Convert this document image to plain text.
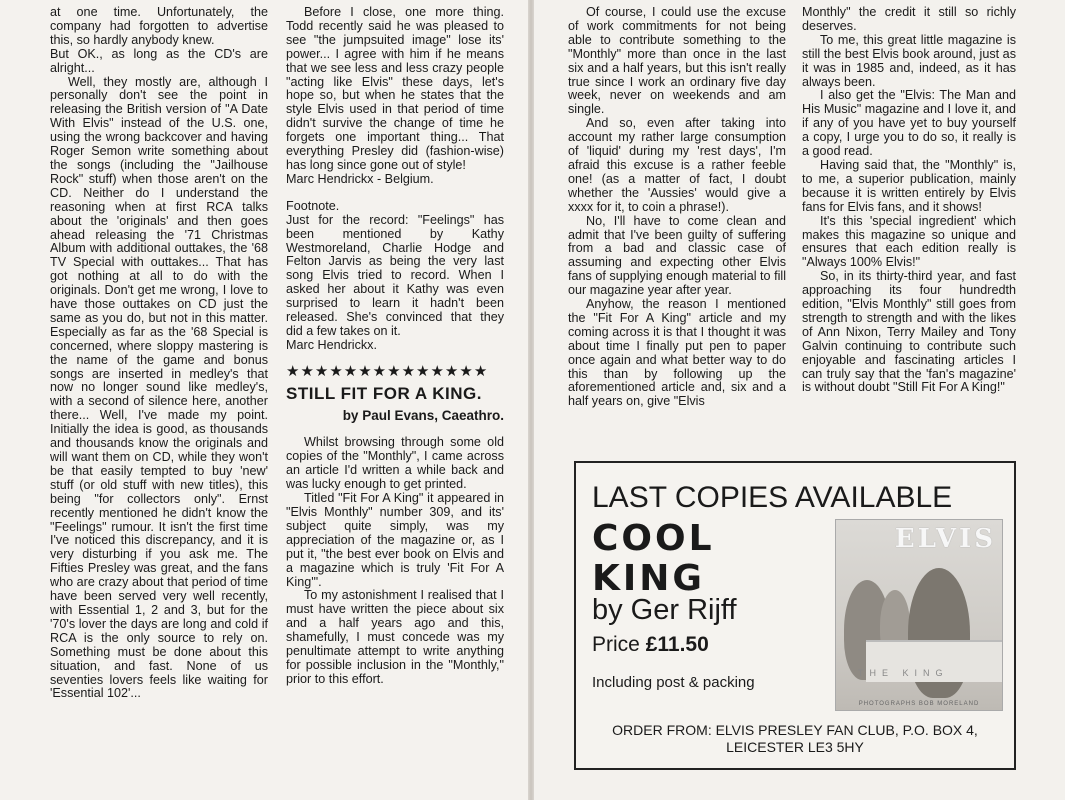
at one time. Unfortunately, the company had forgotten to advertise this, so hardly anybody knew.

But OK., as long as the CD's are alright...

Well, they mostly are, although I personally don't see the point in releasing the British version of "A Date With Elvis" instead of the U.S. one, using the wrong backcover and having Roger Semon write something about the songs (including the "Jailhouse Rock" stuff) when those aren't on the CD. Neither do I understand the reasoning when at first RCA talks about the 'originals' and then goes ahead releasing the '71 Christmas Album with additional outtakes, the '68 TV Special with outtakes... That has got nothing at all to do with the originals. Don't get me wrong, I love to have those outtakes on CD just the same as you do, but not in this matter. Especially as far as the '68 Special is concerned, where sloppy mastering is the name of the game and bonus songs are inserted in medley's that now no longer sound like medley's, with a second of silence here, another there... Well, I've made my point. Initially the idea is good, as thousands and thousands know the originals and will want them on CD, while they won't be that easily tempted to buy 'new' stuff (or old stuff with new titles), this being "for collectors only". Ernst recently mentioned he didn't know the "Feelings" rumour. It isn't the first time I've noticed this discrepancy, and it is very disturbing if you ask me. The Fifties Presley was great, and the fans who are crazy about that period of time have been served very well recently, with Essential 1, 2 and 3, but for the '70's lover the days are long and cold if RCA is the only source to rely on. Something must be done about this situation, and fast. None of us seventies lovers feels like waiting for 'Essential 102'...

Before I close, one more thing. Todd recently said he was pleased to see "the jumpsuited image" lose its' power... I agree with him if he means that we see less and less crazy people "acting like Elvis" these days, let's hope so, but when he states that the style Elvis used in that period of time didn't survive the change of time he forgets one important thing... That everything Presley did (fashion-wise) has long since gone out of style!

Marc Hendrickx - Belgium.

Footnote.

Just for the record: "Feelings" has been mentioned by Kathy Westmoreland, Charlie Hodge and Felton Jarvis as being the very last song Elvis tried to record. When I asked her about it Kathy was even surprised to learn it hadn't been released. She's convinced that they did a few takes on it.

Marc Hendrickx.

★★★★★★★★★★★★★★
STILL FIT FOR A KING.
by Paul Evans, Caeathro.

Whilst browsing through some old copies of the "Monthly", I came across an article I'd written a while back and was lucky enough to get printed.

Titled "Fit For A King" it appeared in "Elvis Monthly" number 309, and its' subject quite simply, was my appreciation of the magazine or, as I put it, "the best ever book on Elvis and a magazine which is truly 'Fit For A King'".

To my astonishment I realised that I must have written the piece about six and a half years ago and this, shamefully, I must concede was my penultimate attempt to write anything for possible inclusion in the "Monthly," prior to this effort.

Of course, I could use the excuse of work commitments for not being able to contribute something to the "Monthly" more than once in the last six and a half years, but this isn't really true since I work an ordinary five day week, never on weekends and am single.

And so, even after taking into account my rather large consumption of 'liquid' during my 'rest days', I'm afraid this excuse is a rather feeble one! (as a matter of fact, I doubt whether the 'Aussies' would give a xxxx for it, to coin a phrase!).

No, I'll have to come clean and admit that I've been guilty of suffering from a bad and classic case of assuming and expecting other Elvis fans of supplying enough material to fill our magazine year after year.

Anyhow, the reason I mentioned the "Fit For A King" article and my coming across it is that I thought it was about time I finally put pen to paper once again and what better way to do this than by following up the aforementioned article and, six and a half years on, give "Elvis

Monthly" the credit it still so richly deserves.

To me, this great little magazine is still the best Elvis book around, just as it was in 1985 and, indeed, as it has always been.

I also get the "Elvis: The Man and His Music" magazine and I love it, and if any of you have yet to buy yourself a copy, I urge you to do so, it really is a good read.

Having said that, the "Monthly" is, to me, a superior publication, mainly because it is written entirely by Elvis fans for Elvis fans, and it shows!

It's this 'special ingredient' which makes this magazine so unique and ensures that each edition really is "Always 100% Elvis!"

So, in its thirty-third year, and fast approaching its four hundredth edition, "Elvis Monthly" still goes from strength to strength and with the likes of Ann Nixon, Terry Mailey and Tony Galvin continuing to contribute such enjoyable and fascinating articles I can truly say that the 'fan's magazine' is without doubt "Still Fit For A King!"

LAST COPIES AVAILABLE
COOL
KING
by Ger Rijff
Price £11.50
Including post & packing
ELVIS
THE KING
PHOTOGRAPHS BOB MORELAND
ORDER FROM: ELVIS PRESLEY FAN CLUB, P.O. BOX 4,
LEICESTER LE3 5HY
